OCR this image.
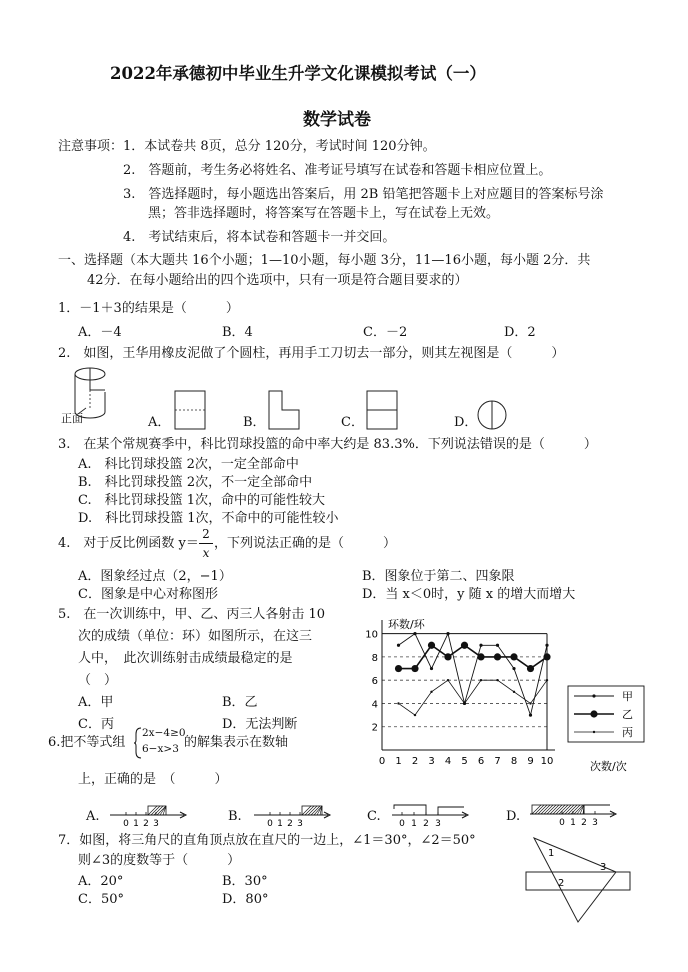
2022年承德初中毕业生升学文化课模拟考试（一）
数学试卷
注意事项： 1．本试卷共 8页，总分 120分，考试时间 120分钟。
2.　答题前，考生务必将姓名、准考证号填写在试卷和答题卡相应位置上。
3.　答选择题时，每小题选出答案后，用 2B 铅笔把答题卡上对应题目的答案标号涂
黑；答非选择题时，将答案写在答题卡上，写在试卷上无效。
4.　考试结束后，将本试卷和答题卡一并交回。
一、选择题（本大题共 16个小题；1—10小题，每小题 3分，11—16小题，每小题 2分．共
42分．在每小题给出的四个选项中，只有一项是符合题目要求的）
1．－1＋3的结果是（　　　）
A．－4	B．4	C．－2	D．2
2.　如图，王华用橡皮泥做了个圆柱，再用手工刀切去一部分，则其左视图是（　　　）
正面	A．	B．	C．	D．
3.　在某个常规赛季中，科比罚球投篮的命中率大约是 83.3%．下列说法错误的是（　　　）
A.　科比罚球投篮 2次，一定全部命中
B.　科比罚球投篮 2次，不一定全部命中
C.　科比罚球投篮 1次，命中的可能性较大
D.　科比罚球投篮 1次，不命中的可能性较小
4.　对于反比例函数 y＝
2
x
，下列说法正确的是（　　　）
A．图象经过点（2，−1）	B．图象位于第二、四象限
C．图象是中心对称图形	D．当 x＜0时，y 随 x 的增大而增大
5.　在一次训练中，甲、乙、丙三人各射击 10
次的成绩（单位：环）如图所示，在这三
人中，　此次训练射击成绩最稳定的是
（　）
A．甲	B．乙
C．丙	D．无法判断
环数/环
次数/次
2
4
6
8
10
0 1 2 3 4 5 6 7 8 9 10
甲
乙
丙
6.把不等式组
2x−4≥0
6−x>3 的解集表示在数轴
上，正确的是　（　　　）
A.	B.	C.	D.
0 1 2 3	0 1 2 3	0 1 2 3	0 1 2 3
7．如图，将三角尺的直角顶点放在直尺的一边上，∠1＝30°，∠2＝50°
则∠3的度数等于（　　　）
A．20°	B．30°
C．50°	D．80°
1
2
3
